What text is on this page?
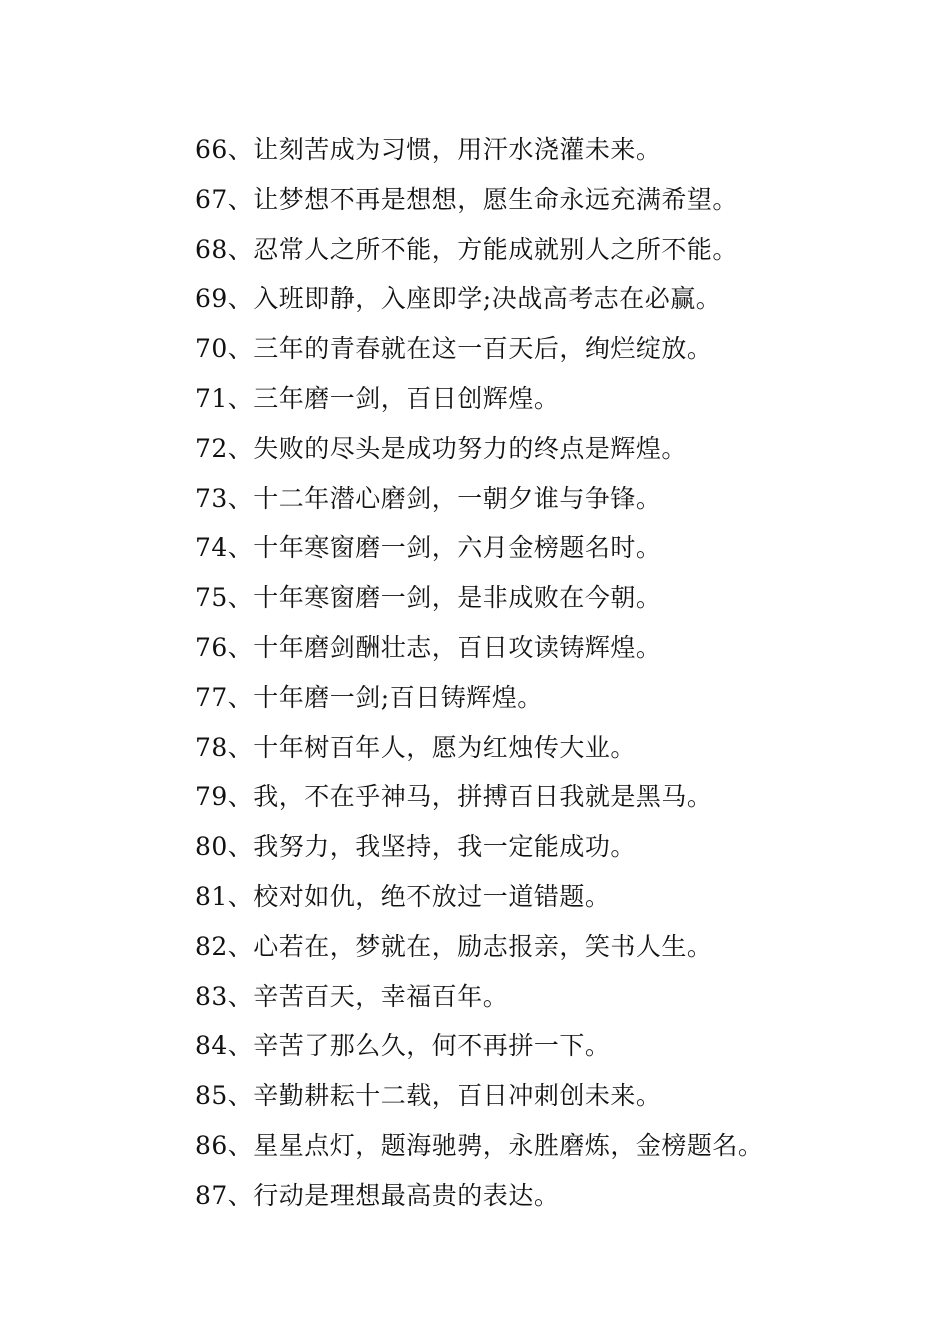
66、让刻苦成为习惯，用汗水浇灌未来。
67、让梦想不再是想想，愿生命永远充满希望。
68、忍常人之所不能，方能成就别人之所不能。
69、入班即静，入座即学;决战高考志在必赢。
70、三年的青春就在这一百天后，绚烂绽放。
71、三年磨一剑，百日创辉煌。
72、失败的尽头是成功努力的终点是辉煌。
73、十二年潜心磨剑，一朝夕谁与争锋。
74、十年寒窗磨一剑，六月金榜题名时。
75、十年寒窗磨一剑，是非成败在今朝。
76、十年磨剑酬壮志，百日攻读铸辉煌。
77、十年磨一剑;百日铸辉煌。
78、十年树百年人，愿为红烛传大业。
79、我，不在乎神马，拼搏百日我就是黑马。
80、我努力，我坚持，我一定能成功。
81、校对如仇，绝不放过一道错题。
82、心若在，梦就在，励志报亲，笑书人生。
83、辛苦百天，幸福百年。
84、辛苦了那么久，何不再拼一下。
85、辛勤耕耘十二载，百日冲刺创未来。
86、星星点灯，题海驰骋，永胜磨炼，金榜题名。
87、行动是理想最高贵的表达。
